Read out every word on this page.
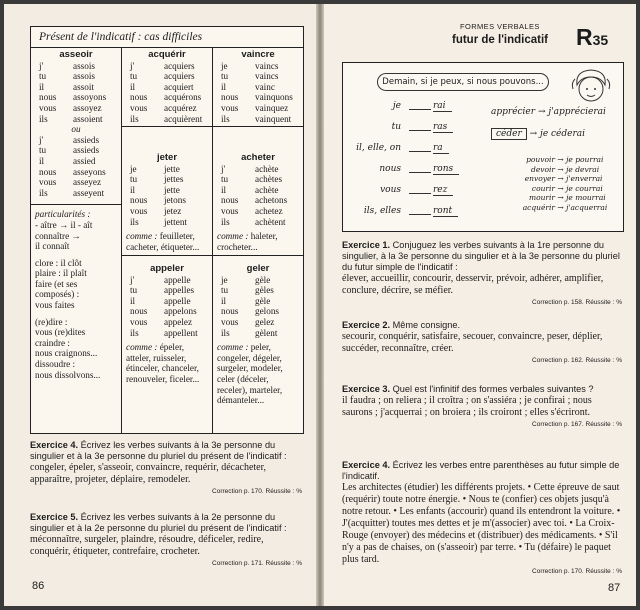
Présent de l'indicatif : cas difficiles
asseoir
j'	assois
tu	assois
il	assoit
nous	assoyons
vous	assoyez
ils	assoient
ou
j'	assieds
tu	assieds
il	assied
nous	asseyons
vous	asseyez
ils	asseyent
particularités :
- aître → il - aît
connaître →
il connaît
clore : il clôt
plaire : il plaît
faire (et ses
composés) :
vous faites
(re)dire :
vous (re)dites
craindre :
nous craignons...
dissoudre :
nous dissolvons...
acquérir
j'	acquiers
tu	acquiers
il	acquiert
nous	acquérons
vous	acquérez
ils	acquièrent
vaincre
je	vaincs
tu	vaincs
il	vainc
nous	vainquons
vous	vainquez
ils	vainquent
jeter
je	jette
tu	jettes
il	jette
nous	jetons
vous	jetez
ils	jettent
comme : feuilleter, cacheter, étiqueter...
acheter
j'	achète
tu	achètes
il	achète
nous	achetons
vous	achetez
ils	achètent
comme : haleter, crocheter...
appeler
j'	appelle
tu	appelles
il	appelle
nous	appelons
vous	appelez
ils	appellent
comme : épeler, atteler, ruisseler, étinceler, chanceler, renouveler, ficeler...
geler
je	gèle
tu	gèles
il	gèle
nous	gelons
vous	gelez
ils	gèlent
comme : peler, congeler, dégeler, surgeler, modeler, celer (déceler, receler), marteler, démanteler...
Exercice 4. Écrivez les verbes suivants à la 3e personne du singulier et à la 3e personne du pluriel du présent de l'indicatif :
congeler, épeler, s'asseoir, convaincre, requérir, décacheter, apparaître, projeter, déplaire, remodeler.
Correction p. 170. Réussite : %
Exercice 5. Écrivez les verbes suivants à la 2e personne du singulier et à la 2e personne du pluriel du présent de l'indicatif :
méconnaître, surgeler, plaindre, résoudre, déficeler, redire, conquérir, étiqueter, contrefaire, crocheter.
Correction p. 171. Réussite : %
86
FORMES VERBALES
futur de l'indicatif R35
Demain, si je peux, si nous pouvons...
je	rai
tu	ras
il, elle, on	ra
nous	rons
vous	rez
ils, elles	ront
apprécier → j'apprécierai
céder → je céderai
pouvoir → je pourrai
devoir → je devrai
envoyer → j'enverrai
courir → je courrai
mourir → je mourrai
acquérir → j'acquerrai
Exercice 1. Conjuguez les verbes suivants à la 1re personne du singulier, à la 3e personne du singulier et à la 3e personne du pluriel du futur simple de l'indicatif :
élever, accueillir, concourir, desservir, prévoir, adhérer, amplifier, conclure, décrire, se méfier.
Correction p. 158. Réussite : %
Exercice 2. Même consigne.
secourir, conquérir, satisfaire, secouer, convaincre, peser, déplier, succéder, reconnaître, créer.
Correction p. 162. Réussite : %
Exercice 3. Quel est l'infinitif des formes verbales suivantes ?
il faudra ; on reliera ; il croîtra ; on s'assiéra ; je confirai ; nous saurons ; j'acquerrai ; on broiera ; ils croiront ; elles s'écriront.
Correction p. 167. Réussite : %
Exercice 4. Écrivez les verbes entre parenthèses au futur simple de l'indicatif.
Les architectes (étudier) les différents projets. • Cette épreuve de saut (requérir) toute notre énergie. • Nous te (confier) ces objets jusqu'à notre retour. • Les enfants (accourir) quand ils entendront la voiture. • J'(acquitter) toutes mes dettes et je m'(associer) avec toi. • La Croix-Rouge (envoyer) des médecins et (distribuer) des médicaments. • S'il n'y a pas de chaises, on (s'asseoir) par terre. • Tu (défaire) le paquet plus tard.
Correction p. 170. Réussite : %
87
